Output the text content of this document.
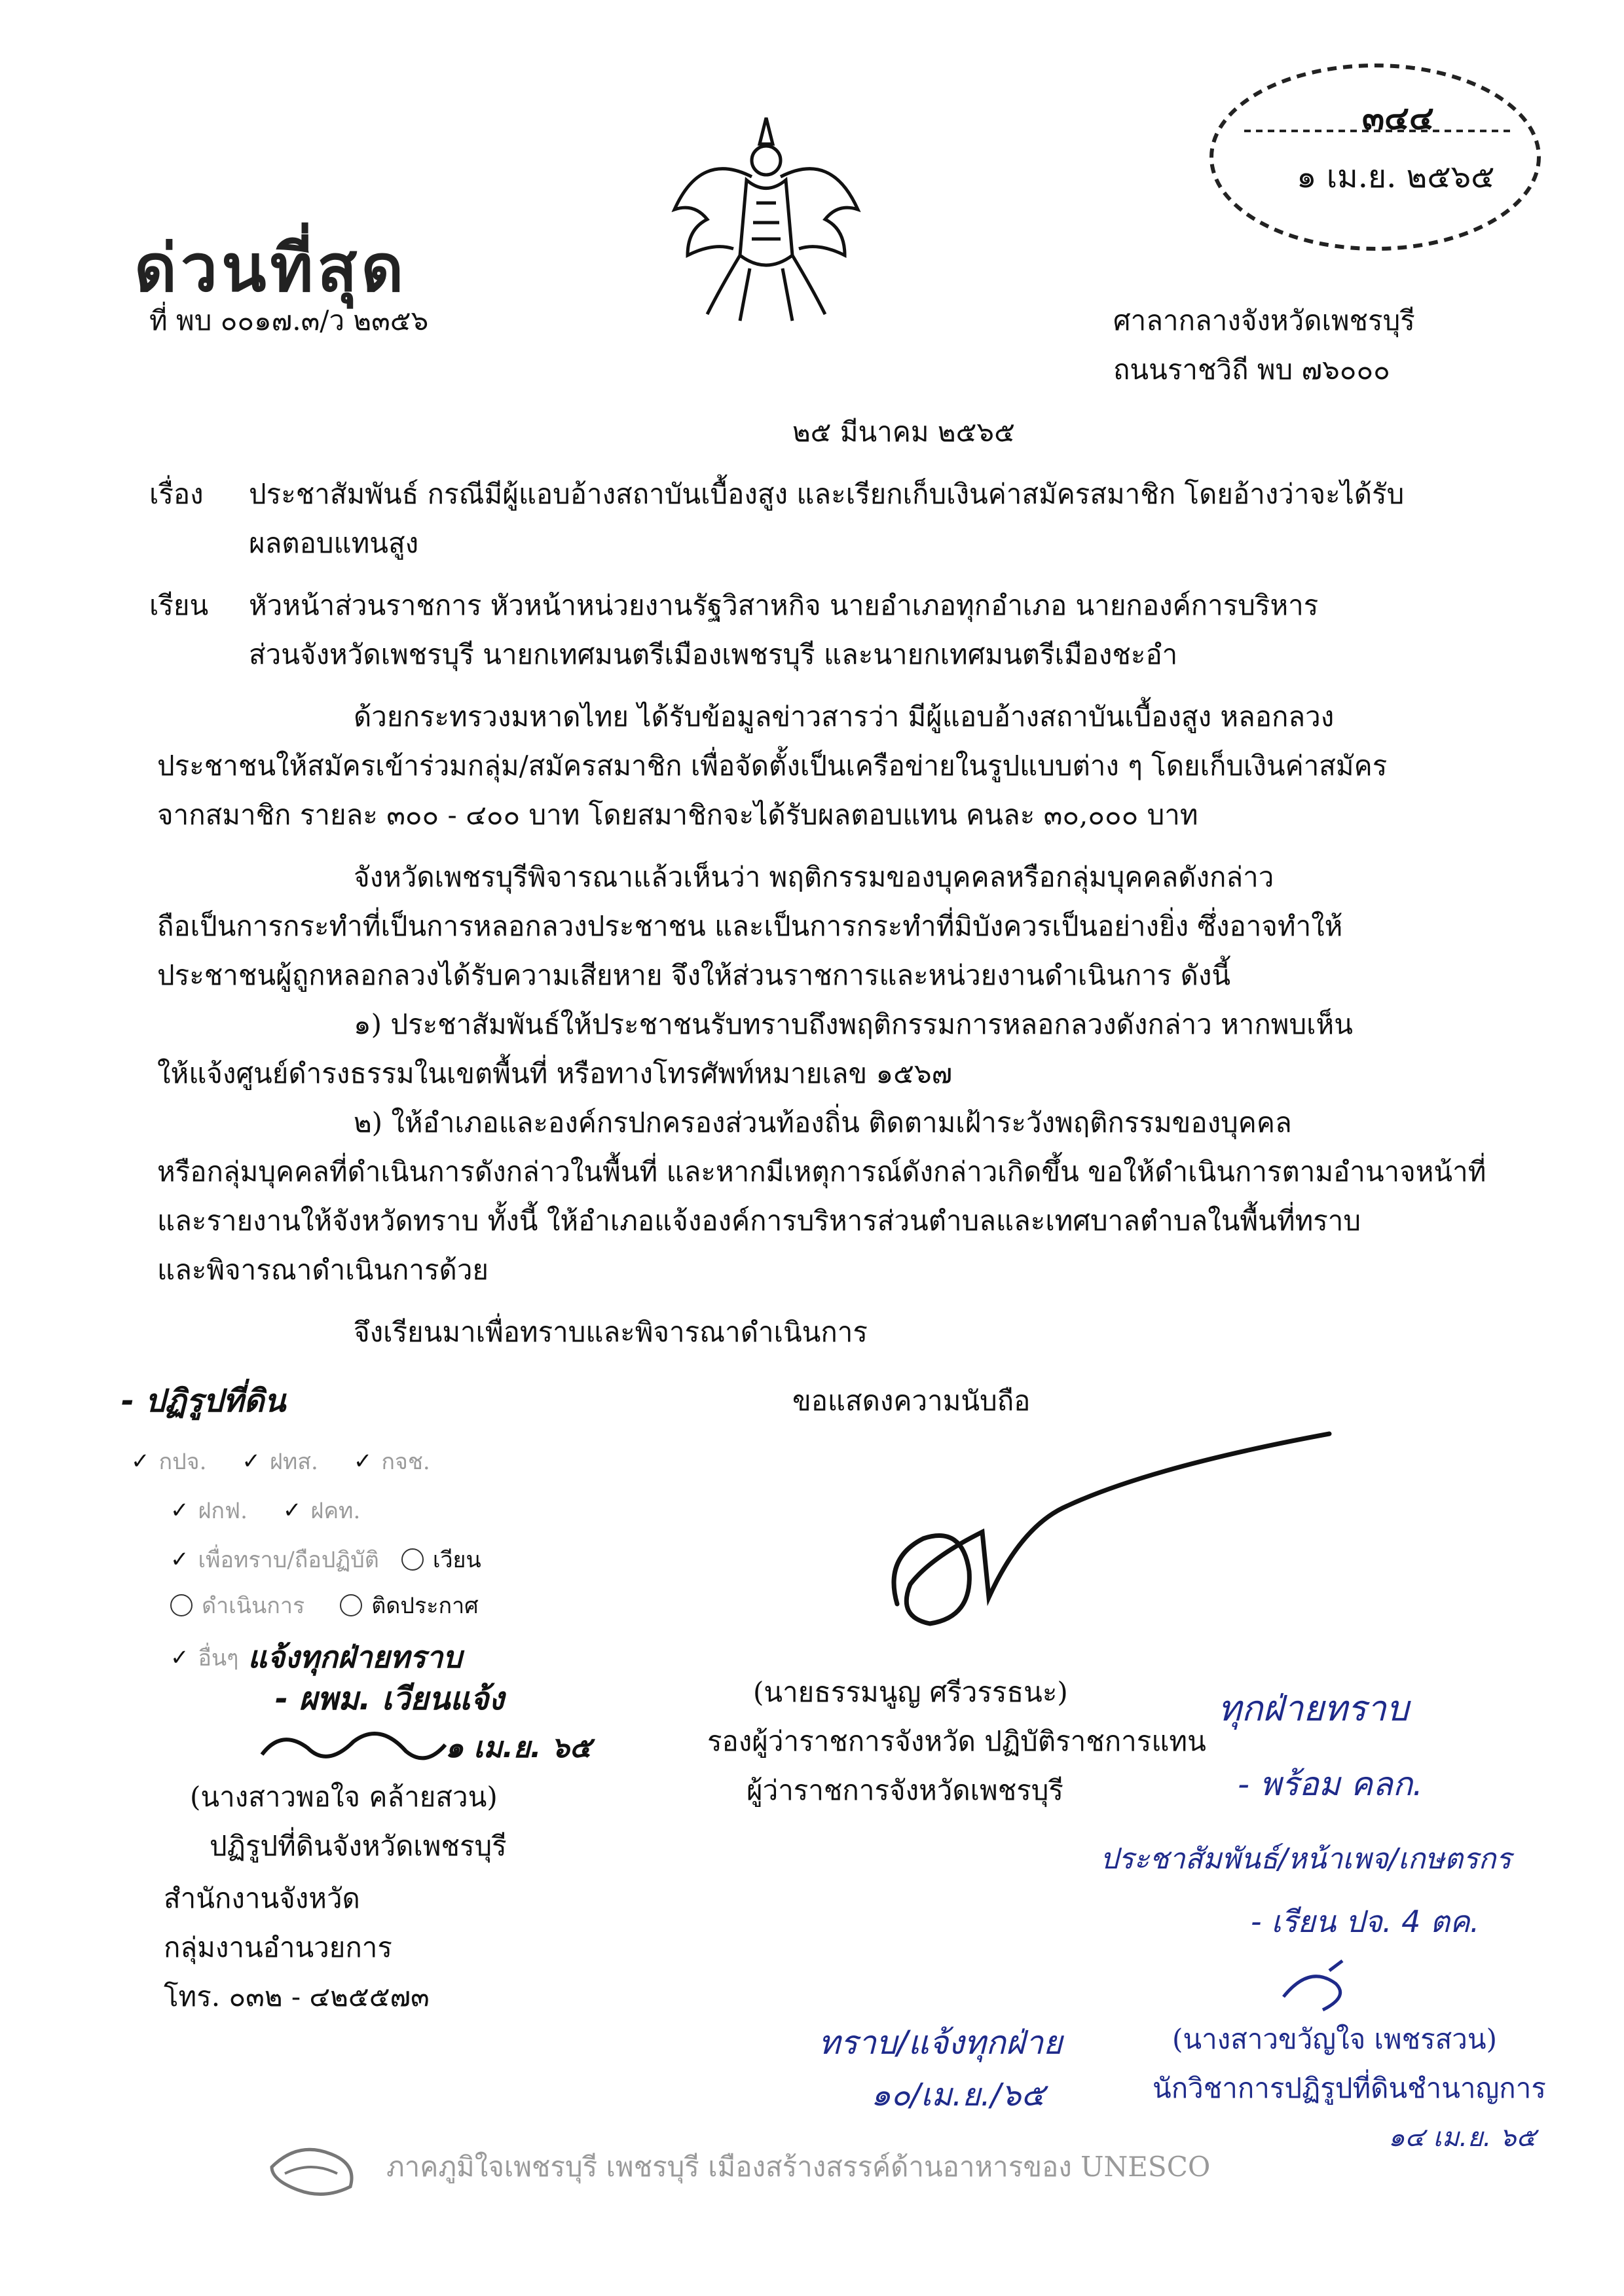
ด่วนที่สุด
๓๔๔
๑ เม.ย. ๒๕๖๕
ที่ พบ ๐๐๑๗.๓/ว ๒๓๕๖	ศาลากลางจังหวัดเพชรบุรี
ถนนราชวิถี พบ ๗๖๐๐๐
๒๕ มีนาคม ๒๕๖๕
เรื่อง ประชาสัมพันธ์ กรณีมีผู้แอบอ้างสถาบันเบื้องสูง และเรียกเก็บเงินค่าสมัครสมาชิก โดยอ้างว่าจะได้รับ
ผลตอบแทนสูง
เรียน หัวหน้าส่วนราชการ หัวหน้าหน่วยงานรัฐวิสาหกิจ นายอำเภอทุกอำเภอ นายกองค์การบริหาร
ส่วนจังหวัดเพชรบุรี นายกเทศมนตรีเมืองเพชรบุรี และนายกเทศมนตรีเมืองชะอำ
ด้วยกระทรวงมหาดไทย ได้รับข้อมูลข่าวสารว่า มีผู้แอบอ้างสถาบันเบื้องสูง หลอกลวง
ประชาชนให้สมัครเข้าร่วมกลุ่ม/สมัครสมาชิก เพื่อจัดตั้งเป็นเครือข่ายในรูปแบบต่าง ๆ โดยเก็บเงินค่าสมัคร
จากสมาชิก รายละ ๓๐๐ - ๔๐๐ บาท โดยสมาชิกจะได้รับผลตอบแทน คนละ ๓๐,๐๐๐ บาท
จังหวัดเพชรบุรีพิจารณาแล้วเห็นว่า พฤติกรรมของบุคคลหรือกลุ่มบุคคลดังกล่าว
ถือเป็นการกระทำที่เป็นการหลอกลวงประชาชน และเป็นการกระทำที่มิบังควรเป็นอย่างยิ่ง ซึ่งอาจทำให้
ประชาชนผู้ถูกหลอกลวงได้รับความเสียหาย จึงให้ส่วนราชการและหน่วยงานดำเนินการ ดังนี้
๑) ประชาสัมพันธ์ให้ประชาชนรับทราบถึงพฤติกรรมการหลอกลวงดังกล่าว หากพบเห็น
ให้แจ้งศูนย์ดำรงธรรมในเขตพื้นที่ หรือทางโทรศัพท์หมายเลข ๑๕๖๗
๒) ให้อำเภอและองค์กรปกครองส่วนท้องถิ่น ติดตามเฝ้าระวังพฤติกรรมของบุคคล
หรือกลุ่มบุคคลที่ดำเนินการดังกล่าวในพื้นที่ และหากมีเหตุการณ์ดังกล่าวเกิดขึ้น ขอให้ดำเนินการตามอำนาจหน้าที่
และรายงานให้จังหวัดทราบ ทั้งนี้ ให้อำเภอแจ้งองค์การบริหารส่วนตำบลและเทศบาลตำบลในพื้นที่ทราบ
และพิจารณาดำเนินการด้วย
จึงเรียนมาเพื่อทราบและพิจารณาดำเนินการ
ขอแสดงความนับถือ
(นายธรรมนูญ ศรีวรรธนะ)
รองผู้ว่าราชการจังหวัด ปฏิบัติราชการแทน
ผู้ว่าราชการจังหวัดเพชรบุรี
- ปฏิรูปที่ดิน
✓ กปจ. ✓ ฝทส. ✓ กจช.
✓ ฝกฟ. ✓ ฝคท.
✓ เพื่อทราบ/ถือปฏิบัติ เวียน
ดำเนินการ	ติดประกาศ
✓ อื่นๆ แจ้งทุกฝ่ายทราบ
- ผพม. เวียนแจ้ง
๑ เม.ย. ๖๕
(นางสาวพอใจ คล้ายสวน)
ปฏิรูปที่ดินจังหวัดเพชรบุรี
สำนักงานจังหวัด
กลุ่มงานอำนวยการ
โทร. ๐๓๒ - ๔๒๕๕๗๓
ทุกฝ่ายทราบ
- พร้อม คลก.
ประชาสัมพันธ์/หน้าเพจ/เกษตรกร
- เรียน ปจ. 4 ตค.
(นางสาวขวัญใจ เพชรสวน)
นักวิชาการปฏิรูปที่ดินชำนาญการ
๑๔ เม.ย. ๖๕
ทราบ/แจ้งทุกฝ่าย
๑๐/เม.ย./๖๕
ภาคภูมิใจเพชรบุรี เพชรบุรี เมืองสร้างสรรค์ด้านอาหารของ UNESCO
